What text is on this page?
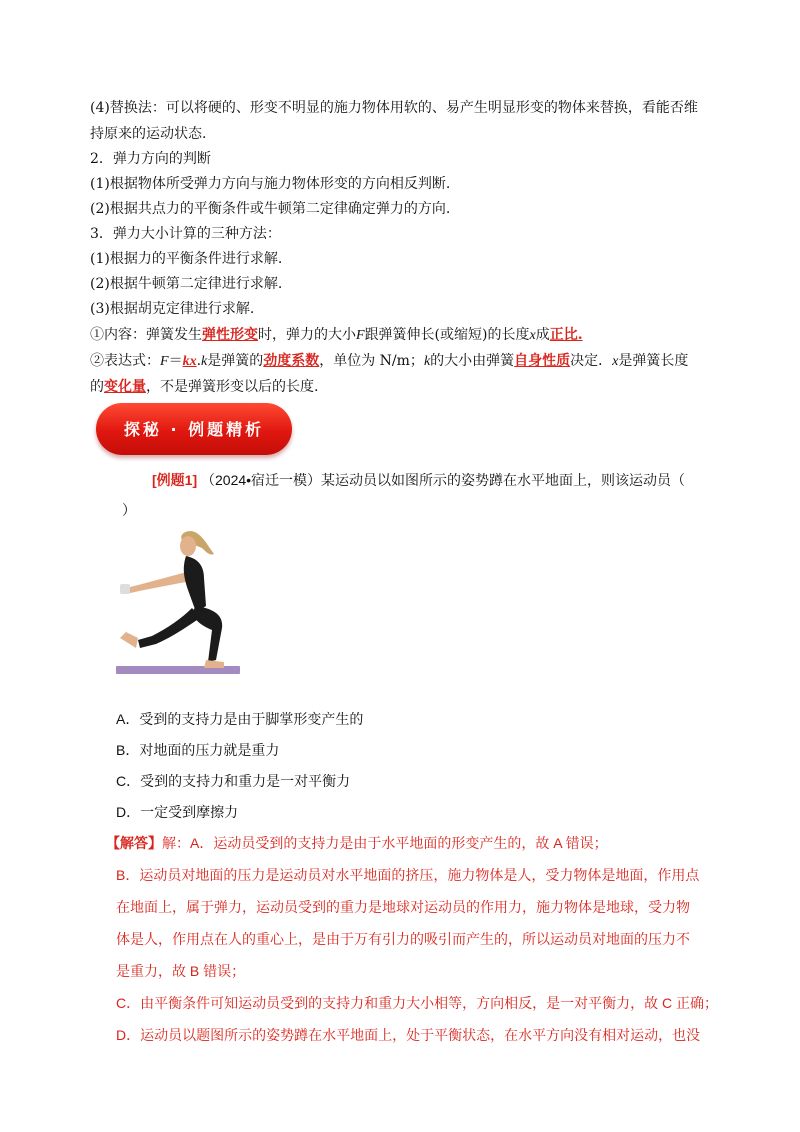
(4)替换法：可以将硬的、形变不明显的施力物体用软的、易产生明显形变的物体来替换，看能否维
持原来的运动状态.
2．弹力方向的判断
(1)根据物体所受弹力方向与施力物体形变的方向相反判断.
(2)根据共点力的平衡条件或牛顿第二定律确定弹力的方向.
3．弹力大小计算的三种方法：
(1)根据力的平衡条件进行求解.
(2)根据牛顿第二定律进行求解.
(3)根据胡克定律进行求解.
①内容：弹簧发生弹性形变时，弹力的大小F跟弹簧伸长(或缩短)的长度x成正比.
②表达式：F＝kx.k是弹簧的劲度系数，单位为 N/m；k的大小由弹簧自身性质决定．x是弹簧长度
的变化量，不是弹簧形变以后的长度.
探秘 · 例题精析
[例题1] （2024•宿迁一模）某运动员以如图所示的姿势蹲在水平地面上，则该运动员（
）
A．受到的支持力是由于脚掌形变产生的
B．对地面的压力就是重力
C．受到的支持力和重力是一对平衡力
D．一定受到摩擦力
【解答】解：A．运动员受到的支持力是由于水平地面的形变产生的，故 A 错误；
B．运动员对地面的压力是运动员对水平地面的挤压，施力物体是人，受力物体是地面，作用点
在地面上，属于弹力，运动员受到的重力是地球对运动员的作用力，施力物体是地球，受力物
体是人，作用点在人的重心上，是由于万有引力的吸引而产生的，所以运动员对地面的压力不
是重力，故 B 错误；
C．由平衡条件可知运动员受到的支持力和重力大小相等，方向相反，是一对平衡力，故 C 正确；
D．运动员以题图所示的姿势蹲在水平地面上，处于平衡状态，在水平方向没有相对运动，也没
